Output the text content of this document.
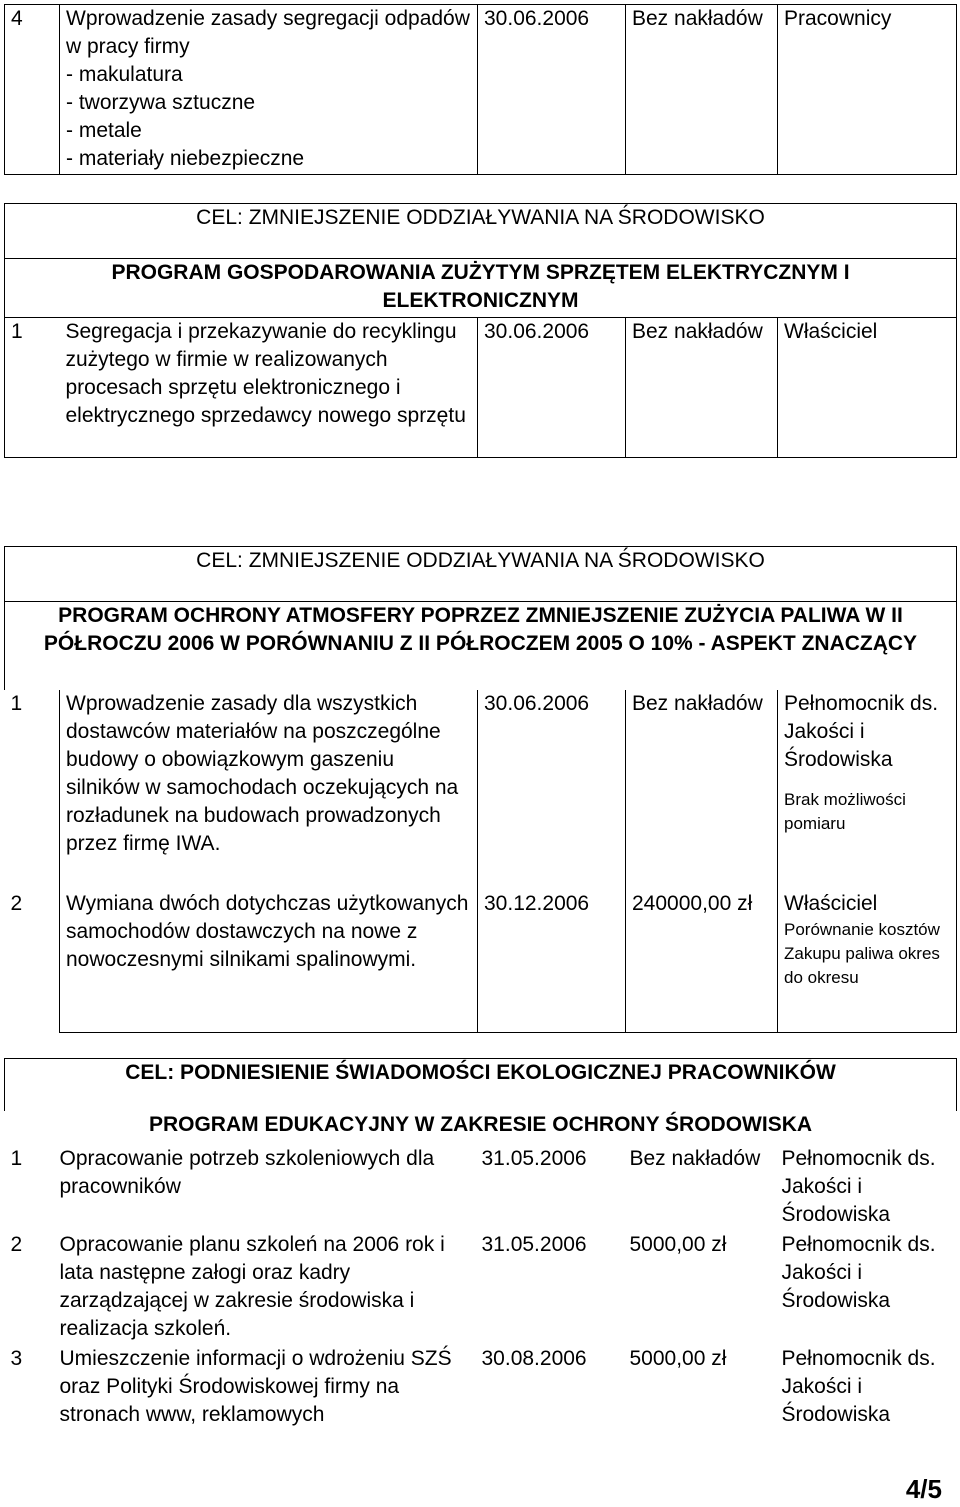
4	Wprowadzenie zasady segregacji odpadów w pracy firmy
- makulatura
- tworzywa sztuczne
- metale
- materiały niebezpieczne	30.06.2006	Bez nakładów	Pracownicy
CEL: ZMNIEJSZENIE ODDZIAŁYWANIA NA ŚRODOWISKO

PROGRAM GOSPODAROWANIA ZUŻYTYM SPRZĘTEM ELEKTRYCZNYM I ELEKTRONICZNYM

1	Segregacja i przekazywanie do recyklingu zużytego w firmie w realizowanych procesach sprzętu elektronicznego i elektrycznego sprzedawcy nowego sprzętu	30.06.2006	Bez nakładów	Właściciel
CEL: ZMNIEJSZENIE ODDZIAŁYWANIA NA ŚRODOWISKO				

PROGRAM OCHRONY ATMOSFERY POPRZEZ ZMNIEJSZENIE ZUŻYCIA PALIWA W II PÓŁROCZU 2006 W PORÓWNANIU Z II PÓŁROCZEM 2005 O 10% - ASPEKT ZNACZĄCY				

1	Wprowadzenie zasady dla wszystkich dostawców materiałów na poszczególne budowy o obowiązkowym gaszeniu silników w samochodach oczekujących na rozładunek na budowach prowadzonych przez firmę IWA.	30.06.2006	Bez nakładów	Pełnomocnik ds. Jakości i Środowiska
Brak możliwości pomiaru

2	Wymiana dwóch dotychczas użytkowanych samochodów dostawczych na nowe z nowoczesnymi silnikami spalinowymi.	30.12.2006	240000,00 zł	Właściciel
Porównanie kosztów Zakupu paliwa okres do okresu
CEL: PODNIESIENIE ŚWIADOMOŚCI EKOLOGICZNEJ PRACOWNIKÓW				

PROGRAM EDUKACYJNY W ZAKRESIE OCHRONY ŚRODOWISKA				

1	Opracowanie potrzeb szkoleniowych dla pracowników	31.05.2006	Bez nakładów	Pełnomocnik ds. Jakości i Środowiska
2	Opracowanie planu szkoleń na 2006 rok i lata następne załogi oraz kadry zarządzającej w zakresie środowiska i realizacja szkoleń.	31.05.2006	5000,00 zł	Pełnomocnik ds. Jakości i Środowiska
3	Umieszczenie informacji o wdrożeniu SZŚ oraz Polityki Środowiskowej firmy na stronach www, reklamowych	30.08.2006	5000,00 zł	Pełnomocnik ds. Jakości i Środowiska
4/5
